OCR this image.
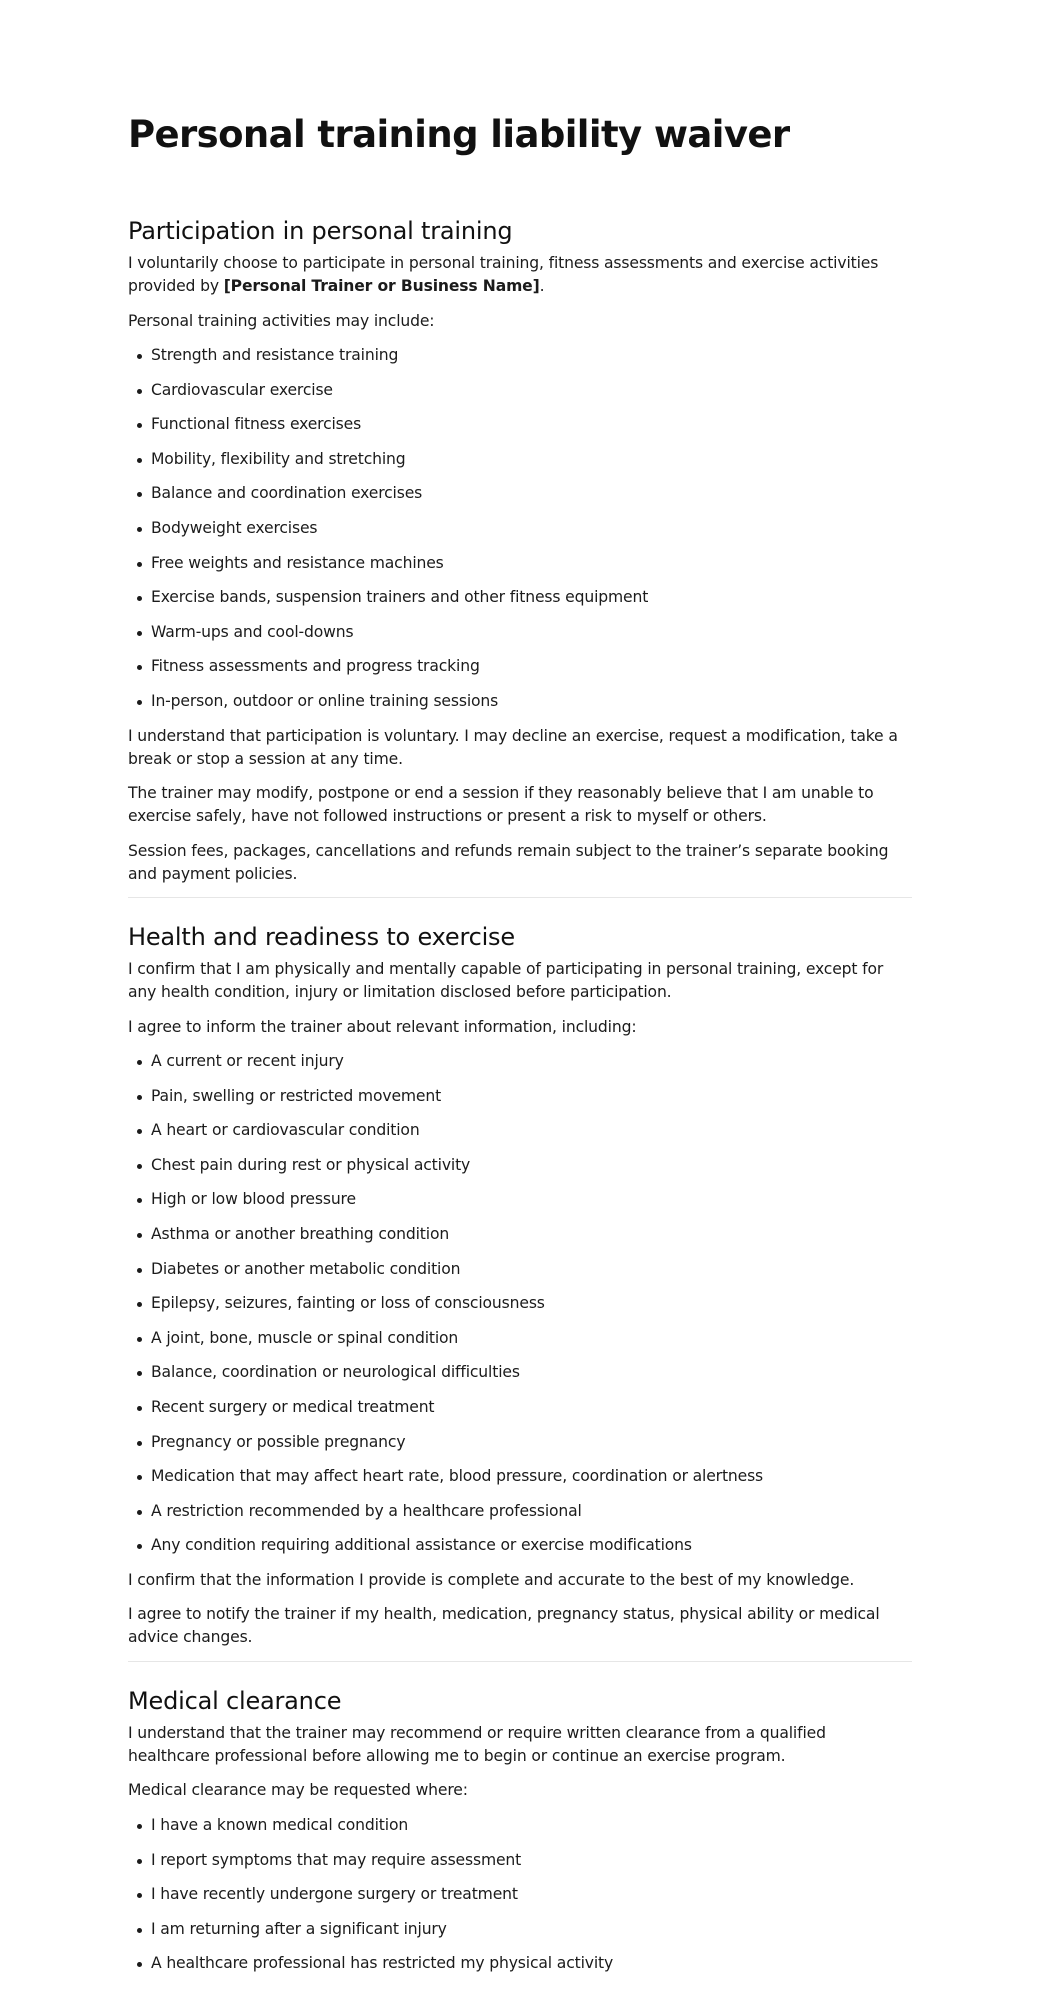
Personal training liability waiver
Participation in personal training

I voluntarily choose to participate in personal training, fitness assessments and exercise activities provided by [Personal Trainer or Business Name].

Personal training activities may include:

Strength and resistance training
Cardiovascular exercise
Functional fitness exercises
Mobility, flexibility and stretching
Balance and coordination exercises
Bodyweight exercises
Free weights and resistance machines
Exercise bands, suspension trainers and other fitness equipment
Warm-ups and cool-downs
Fitness assessments and progress tracking
In-person, outdoor or online training sessions

I understand that participation is voluntary. I may decline an exercise, request a modification, take a break or stop a session at any time.

The trainer may modify, postpone or end a session if they reasonably believe that I am unable to exercise safely, have not followed instructions or present a risk to myself or others.

Session fees, packages, cancellations and refunds remain subject to the trainer’s separate booking and payment policies.

Health and readiness to exercise

I confirm that I am physically and mentally capable of participating in personal training, except for any health condition, injury or limitation disclosed before participation.

I agree to inform the trainer about relevant information, including:

A current or recent injury
Pain, swelling or restricted movement
A heart or cardiovascular condition
Chest pain during rest or physical activity
High or low blood pressure
Asthma or another breathing condition
Diabetes or another metabolic condition
Epilepsy, seizures, fainting or loss of consciousness
A joint, bone, muscle or spinal condition
Balance, coordination or neurological difficulties
Recent surgery or medical treatment
Pregnancy or possible pregnancy
Medication that may affect heart rate, blood pressure, coordination or alertness
A restriction recommended by a healthcare professional
Any condition requiring additional assistance or exercise modifications

I confirm that the information I provide is complete and accurate to the best of my knowledge.

I agree to notify the trainer if my health, medication, pregnancy status, physical ability or medical advice changes.

Medical clearance

I understand that the trainer may recommend or require written clearance from a qualified healthcare professional before allowing me to begin or continue an exercise program.

Medical clearance may be requested where:

I have a known medical condition
I report symptoms that may require assessment
I have recently undergone surgery or treatment
I am returning after a significant injury
A healthcare professional has restricted my physical activity
